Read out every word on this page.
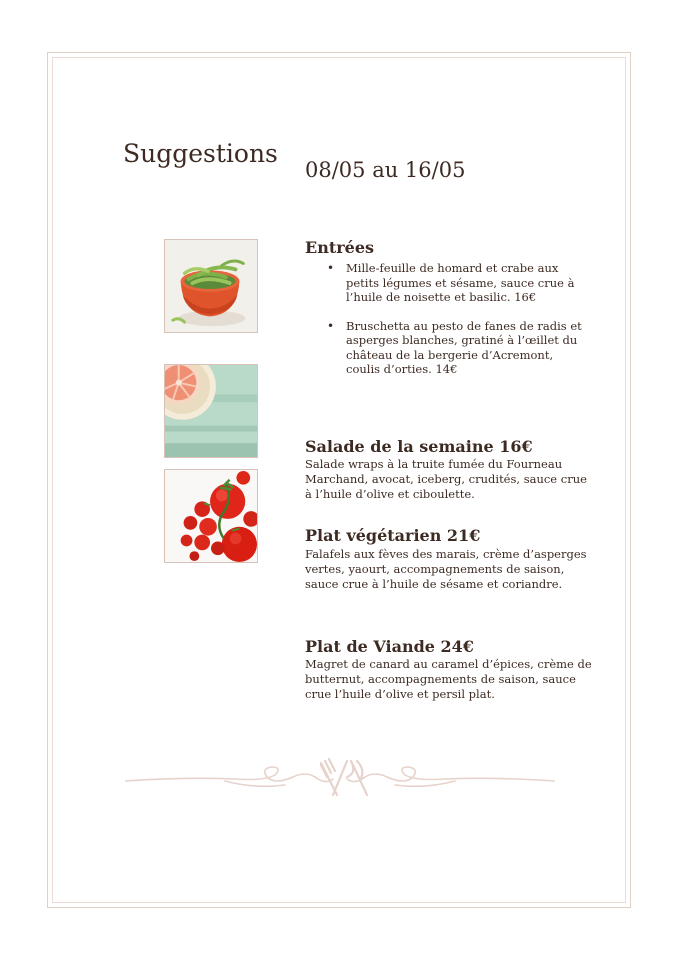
Suggestions
08/05 au 16/05
Entrées
• Mille-feuille de homard et crabe aux petits légumes et sésame, sauce crue à l’huile de noisette et basilic. 16€
• Bruschetta au pesto de fanes de radis et asperges blanches, gratiné à l’œillet du château de la bergerie d’Acremont, coulis d’orties. 14€
Salade de la semaine 16€

Salade wraps à la truite fumée du Fourneau Marchand, avocat, iceberg, crudités, sauce crue à l’huile d’olive et ciboulette.

Plat végétarien 21€

Falafels aux fèves des marais, crème d’asperges vertes, yaourt, accompagnements de saison, sauce crue à l’huile de sésame et coriandre.

Plat de Viande 24€

Magret de canard au caramel d’épices, crème de butternut, accompagnements de saison, sauce crue l’huile d’olive et persil plat.
